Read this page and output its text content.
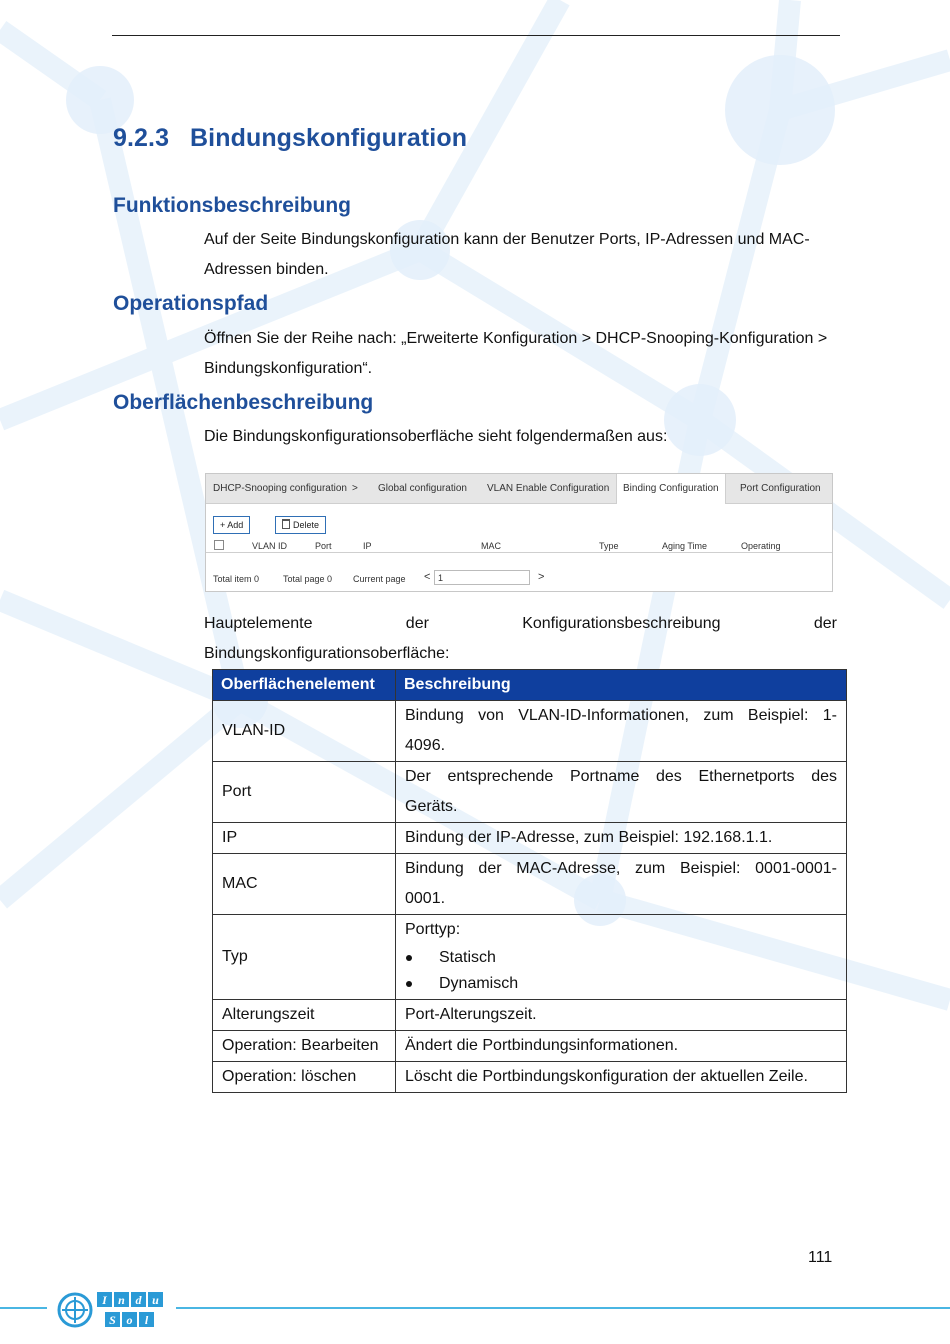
9.2.3 Bindungskonfiguration
Funktionsbeschreibung

Auf der Seite Bindungskonfiguration kann der Benutzer Ports, IP-Adressen und MAC-

Adressen binden.

Operationspfad

Öffnen Sie der Reihe nach: „Erweiterte Konfiguration > DHCP-Snooping-Konfiguration >

Bindungskonfiguration“.

Oberflächenbeschreibung

Die Bindungskonfigurationsoberfläche sieht folgendermaßen aus:

DHCP-Snooping configuration >	Global configuration	VLAN Enable Configuration	Binding Configuration	Port Configuration
+ Add	Delete
VLAN ID	Port	IP	MAC	Type	Aging Time	Operating
Total item 0	Total page 0 Current page < 1	>
Hauptelemente	der	Konfigurationsbeschreibung	der

Bindungskonfigurationsoberfläche:

Oberflächenelement	Beschreibung
VLAN-ID	Bindung von VLAN-ID-Informationen, zum Beispiel: 1-
4096.

Port	Der entsprechende Portname des Ethernetports des
Geräts.

IP	Bindung der IP-Adresse, zum Beispiel: 192.168.1.1.
MAC	Bindung der MAC-Adresse, zum Beispiel: 0001-0001-
0001.

Typ	Porttyp:
Statisch
Dynamisch

Alterungszeit	Port-Alterungszeit.
Operation: Bearbeiten	Ändert die Portbindungsinformationen.
Operation: löschen	Löscht die Portbindungskonfiguration der aktuellen Zeile.
111
I n d u
S o l
